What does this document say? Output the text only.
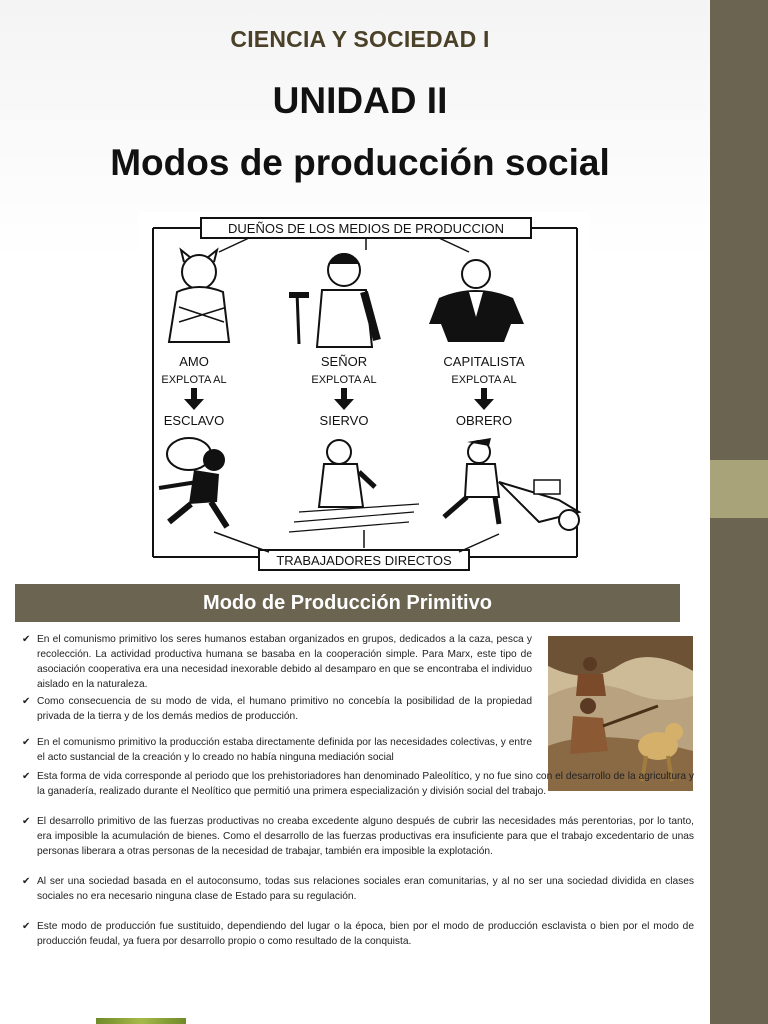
CIENCIA Y SOCIEDAD I
UNIDAD II
Modos de producción social
DUEÑOS DE LOS MEDIOS DE PRODUCCION
TRABAJADORES DIRECTOS
AMO	SEÑOR	CAPITALISTA
EXPLOTA AL	EXPLOTA AL	EXPLOTA AL
ESCLAVO	SIERVO	OBRERO
Modo de Producción Primitivo
✔ En el comunismo primitivo los seres humanos estaban organizados en grupos, dedicados a la caza, pesca y recolección. La actividad productiva humana se basaba en la cooperación simple. Para Marx, este tipo de asociación cooperativa era una necesidad inexorable debido al desamparo en que se encontraba el individuo aislado en la naturaleza.
✔ Como consecuencia de su modo de vida, el humano primitivo no concebía la posibilidad de la propiedad privada de la tierra y de los demás medios de producción.
✔ En el comunismo primitivo la producción estaba directamente definida por las necesidades colectivas, y entre el acto sustancial de la creación y lo creado no había ninguna mediación social
✔ Esta forma de vida corresponde al periodo que los prehistoriadores han denominado Paleolítico, y no fue sino con el desarrollo de la agricultura y la ganadería, realizado durante el Neolítico que permitió una primera especialización y división social del trabajo.
✔ El desarrollo primitivo de las fuerzas productivas no creaba excedente alguno después de cubrir las necesidades más perentorias, por lo tanto, era imposible la acumulación de bienes. Como el desarrollo de las fuerzas productivas era insuficiente para que el trabajo excedentario de unas personas liberara a otras personas de la necesidad de trabajar, también era imposible la explotación.
✔ Al ser una sociedad basada en el autoconsumo, todas sus relaciones sociales eran comunitarias, y al no ser una sociedad dividida en clases sociales no era necesario ninguna clase de Estado para su regulación.
✔ Este modo de producción fue sustituido, dependiendo del lugar o la época, bien por el modo de producción esclavista o bien por el modo de producción feudal, ya fuera por desarrollo propio o como resultado de la conquista.
